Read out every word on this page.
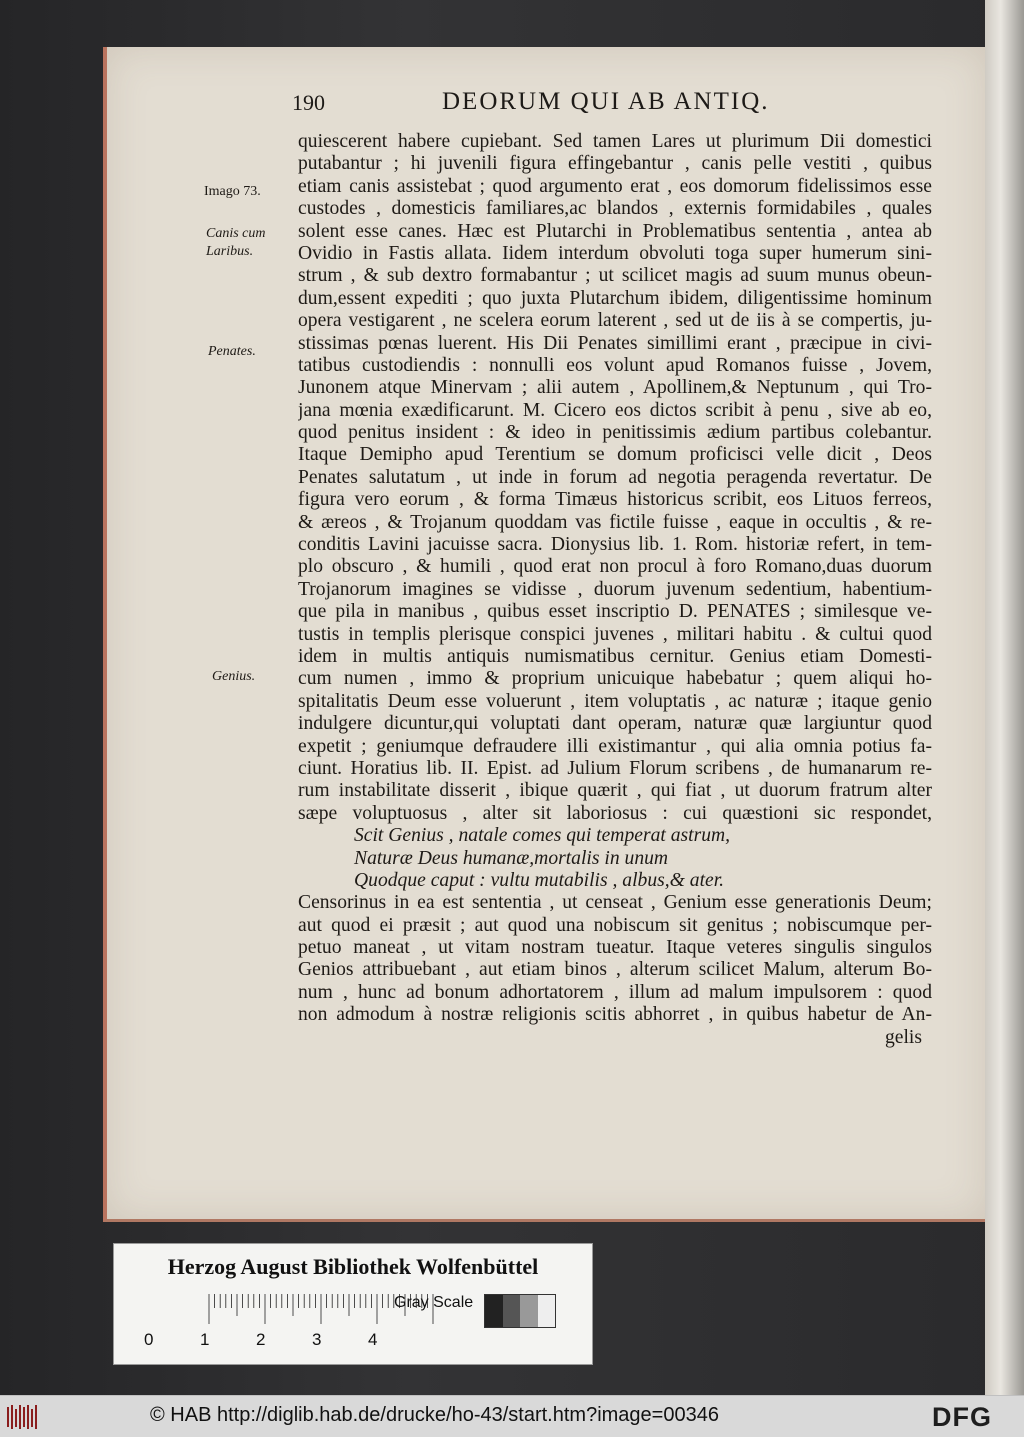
190	DEORUM QUI AB ANTIQ.
Imago 73.
Canis cum Laribus.
Penates.
Genius.
quiescerent habere cupiebant. Sed tamen Lares ut plurimum Dii domestici
putabantur ; hi juvenili figura effingebantur , canis pelle vestiti , quibus
etiam canis assistebat ; quod argumento erat , eos domorum fidelissimos esse
custodes , domesticis familiares,ac blandos , externis formidabiles , quales
solent esse canes. Hæc est Plutarchi in Problematibus sententia , antea ab
Ovidio in Fastis allata. Iidem interdum obvoluti toga super humerum sini-
strum , & sub dextro formabantur ; ut scilicet magis ad suum munus obeun-
dum,essent expediti ; quo juxta Plutarchum ibidem, diligentissime hominum
opera vestigarent , ne scelera eorum laterent , sed ut de iis à se compertis, ju-
stissimas pœnas luerent. His Dii Penates simillimi erant , præcipue in civi-
tatibus custodiendis : nonnulli eos volunt apud Romanos fuisse , Jovem,
Junonem atque Minervam ; alii autem , Apollinem,& Neptunum , qui Tro-
jana mœnia exædificarunt. M. Cicero eos dictos scribit à penu , sive ab eo,
quod penitus insident : & ideo in penitissimis ædium partibus colebantur.
Itaque Demipho apud Terentium se domum proficisci velle dicit , Deos
Penates salutatum , ut inde in forum ad negotia peragenda revertatur. De
figura vero eorum , & forma Timæus historicus scribit, eos Lituos ferreos,
& æreos , & Trojanum quoddam vas fictile fuisse , eaque in occultis , & re-
conditis Lavini jacuisse sacra. Dionysius lib. 1. Rom. historiæ refert, in tem-
plo obscuro , & humili , quod erat non procul à foro Romano,duas duorum
Trojanorum imagines se vidisse , duorum juvenum sedentium, habentium-
que pila in manibus , quibus esset inscriptio D. PENATES ; similesque ve-
tustis in templis plerisque conspici juvenes , militari habitu . & cultui quod
idem in multis antiquis numismatibus cernitur. Genius etiam Domesti-
cum numen , immo & proprium unicuique habebatur ; quem aliqui ho-
spitalitatis Deum esse voluerunt , item voluptatis , ac naturæ ; itaque genio
indulgere dicuntur,qui voluptati dant operam, naturæ quæ largiuntur quod
expetit ; geniumque defraudere illi existimantur , qui alia omnia potius fa-
ciunt. Horatius lib. II. Epist. ad Julium Florum scribens , de humanarum re-
rum instabilitate disserit , ibique quærit , qui fiat , ut duorum fratrum alter
sæpe voluptuosus , alter sit laboriosus : cui quæstioni sic respondet,
Scit Genius , natale comes qui temperat astrum,
Naturæ Deus humanæ,mortalis in unum
Quodque caput : vultu mutabilis , albus,& ater.
Censorinus in ea est sententia , ut censeat , Genium esse generationis Deum;
aut quod ei præsit ; aut quod una nobiscum sit genitus ; nobiscumque per-
petuo maneat , ut vitam nostram tueatur. Itaque veteres singulis singulos
Genios attribuebant , aut etiam binos , alterum scilicet Malum, alterum Bo-
num , hunc ad bonum adhortatorem , illum ad malum impulsorem : quod
non admodum à nostræ religionis scitis abhorret , in quibus habetur de An-
gelis
Herzog August Bibliothek Wolfenbüttel
0	1	2	3	4
Gray Scale
© HAB http://diglib.hab.de/drucke/ho-43/start.htm?image=00346	DFG
